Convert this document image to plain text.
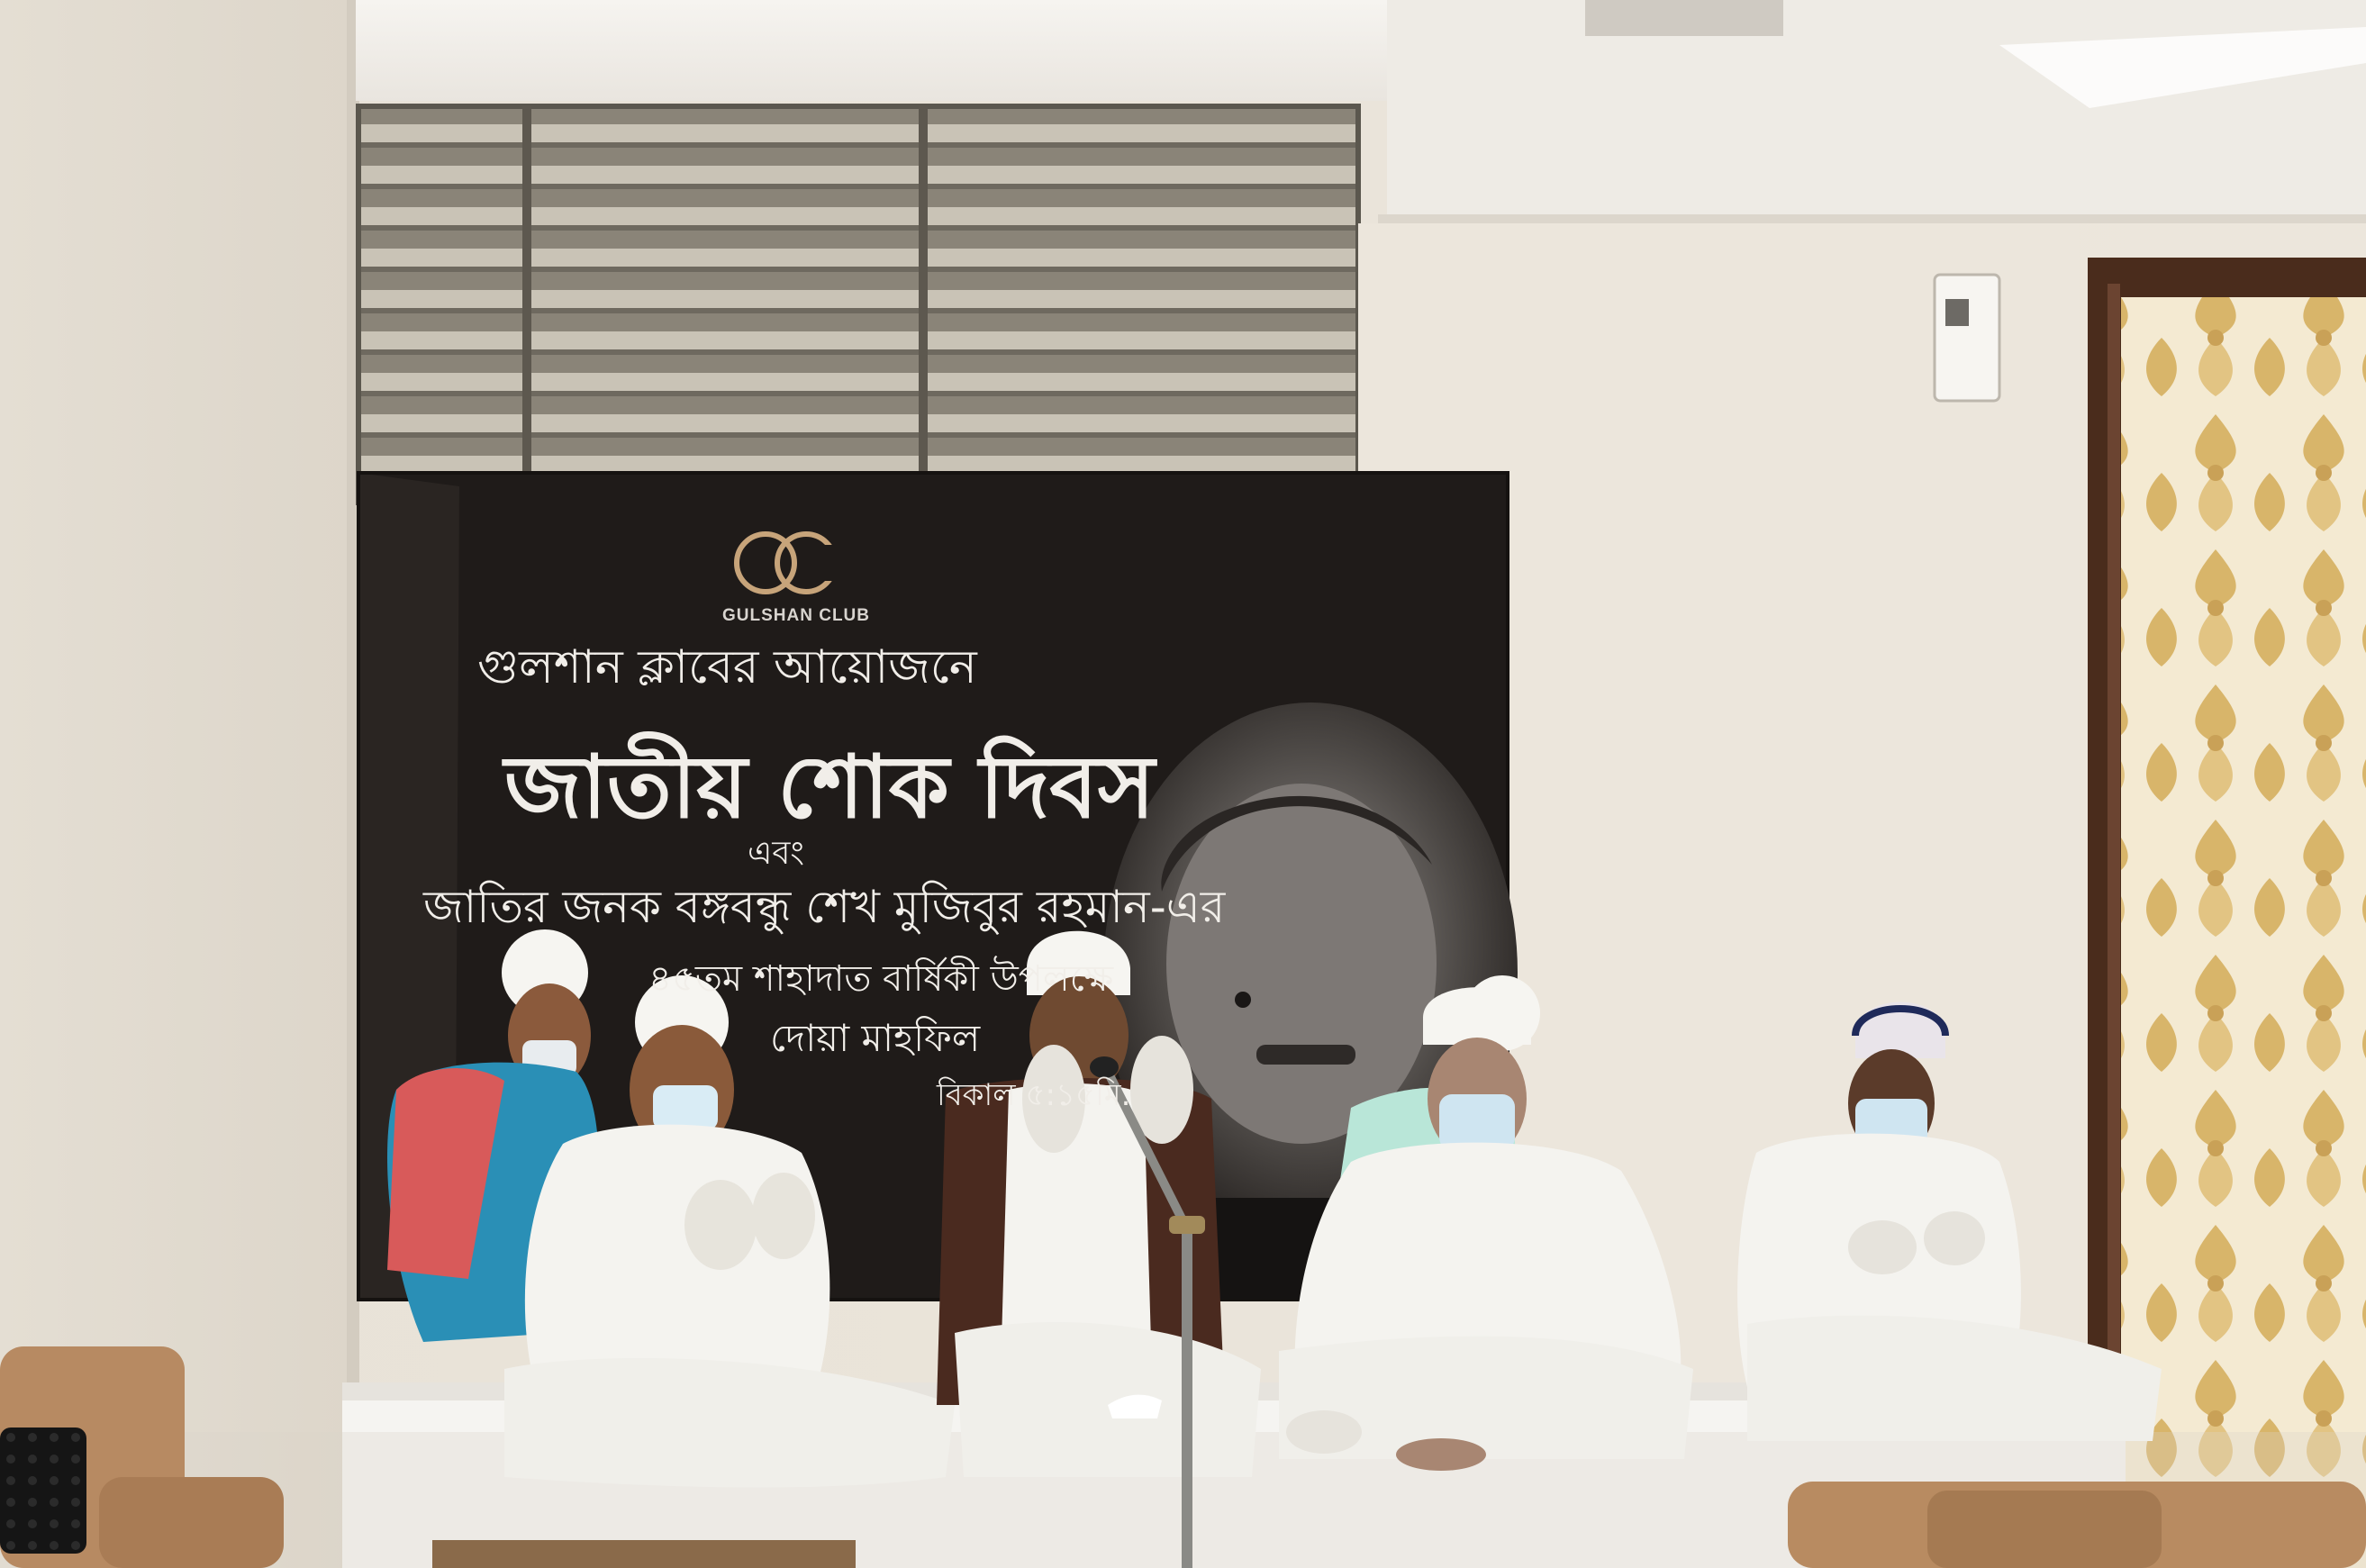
GULSHAN CLUB
গুলশান ক্লাবের আয়োজনে
জাতীয় শোক দিবস
এবং
জাতির জনক বঙ্গবন্ধু শেখ মুজিবুর রহমান-এর
৪৫তম শাহাদাত বার্ষিকী উপলক্ষে
দোয়া মাহফিল
বিকাল ৫:১৫মি.
